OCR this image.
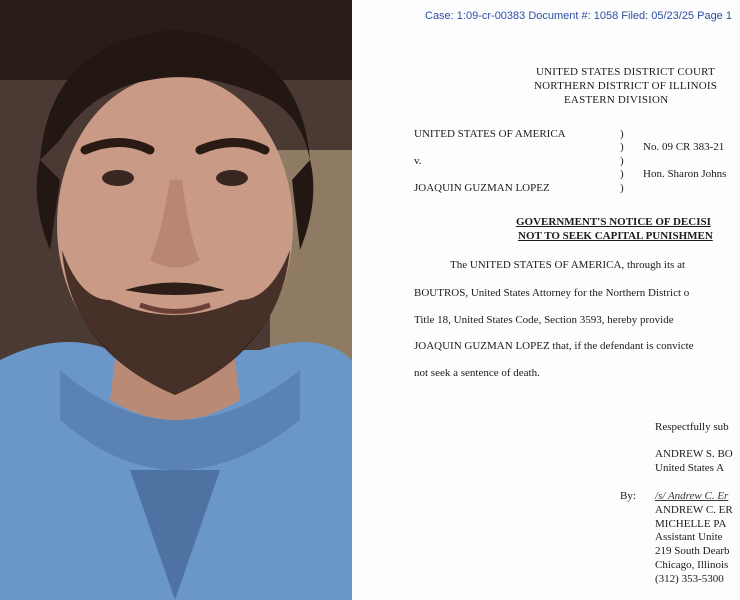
Case: 1:09-cr-00383 Document #: 1058 Filed: 05/23/25 Page 1
UNITED STATES DISTRICT COURT
NORTHERN DISTRICT OF ILLINOIS
EASTERN DIVISION
UNITED STATES OF AMERICA
v.
JOAQUIN GUZMAN LOPEZ
)
)
)
)
)
No. 09 CR 383-21
Hon. Sharon Johns
GOVERNMENT'S NOTICE OF DECISI
NOT TO SEEK CAPITAL PUNISHMEN
The UNITED STATES OF AMERICA, through its at
BOUTROS, United States Attorney for the Northern District o
Title 18, United States Code, Section 3593, hereby provide
JOAQUIN GUZMAN LOPEZ that, if the defendant is convicte
not seek a sentence of death.
Respectfully sub
ANDREW S. BO
United States A
By: /s/ Andrew C. Er
ANDREW C. ER
MICHELLE PA
Assistant Unite
219 South Dearb
Chicago, Illinois
(312) 353-5300
